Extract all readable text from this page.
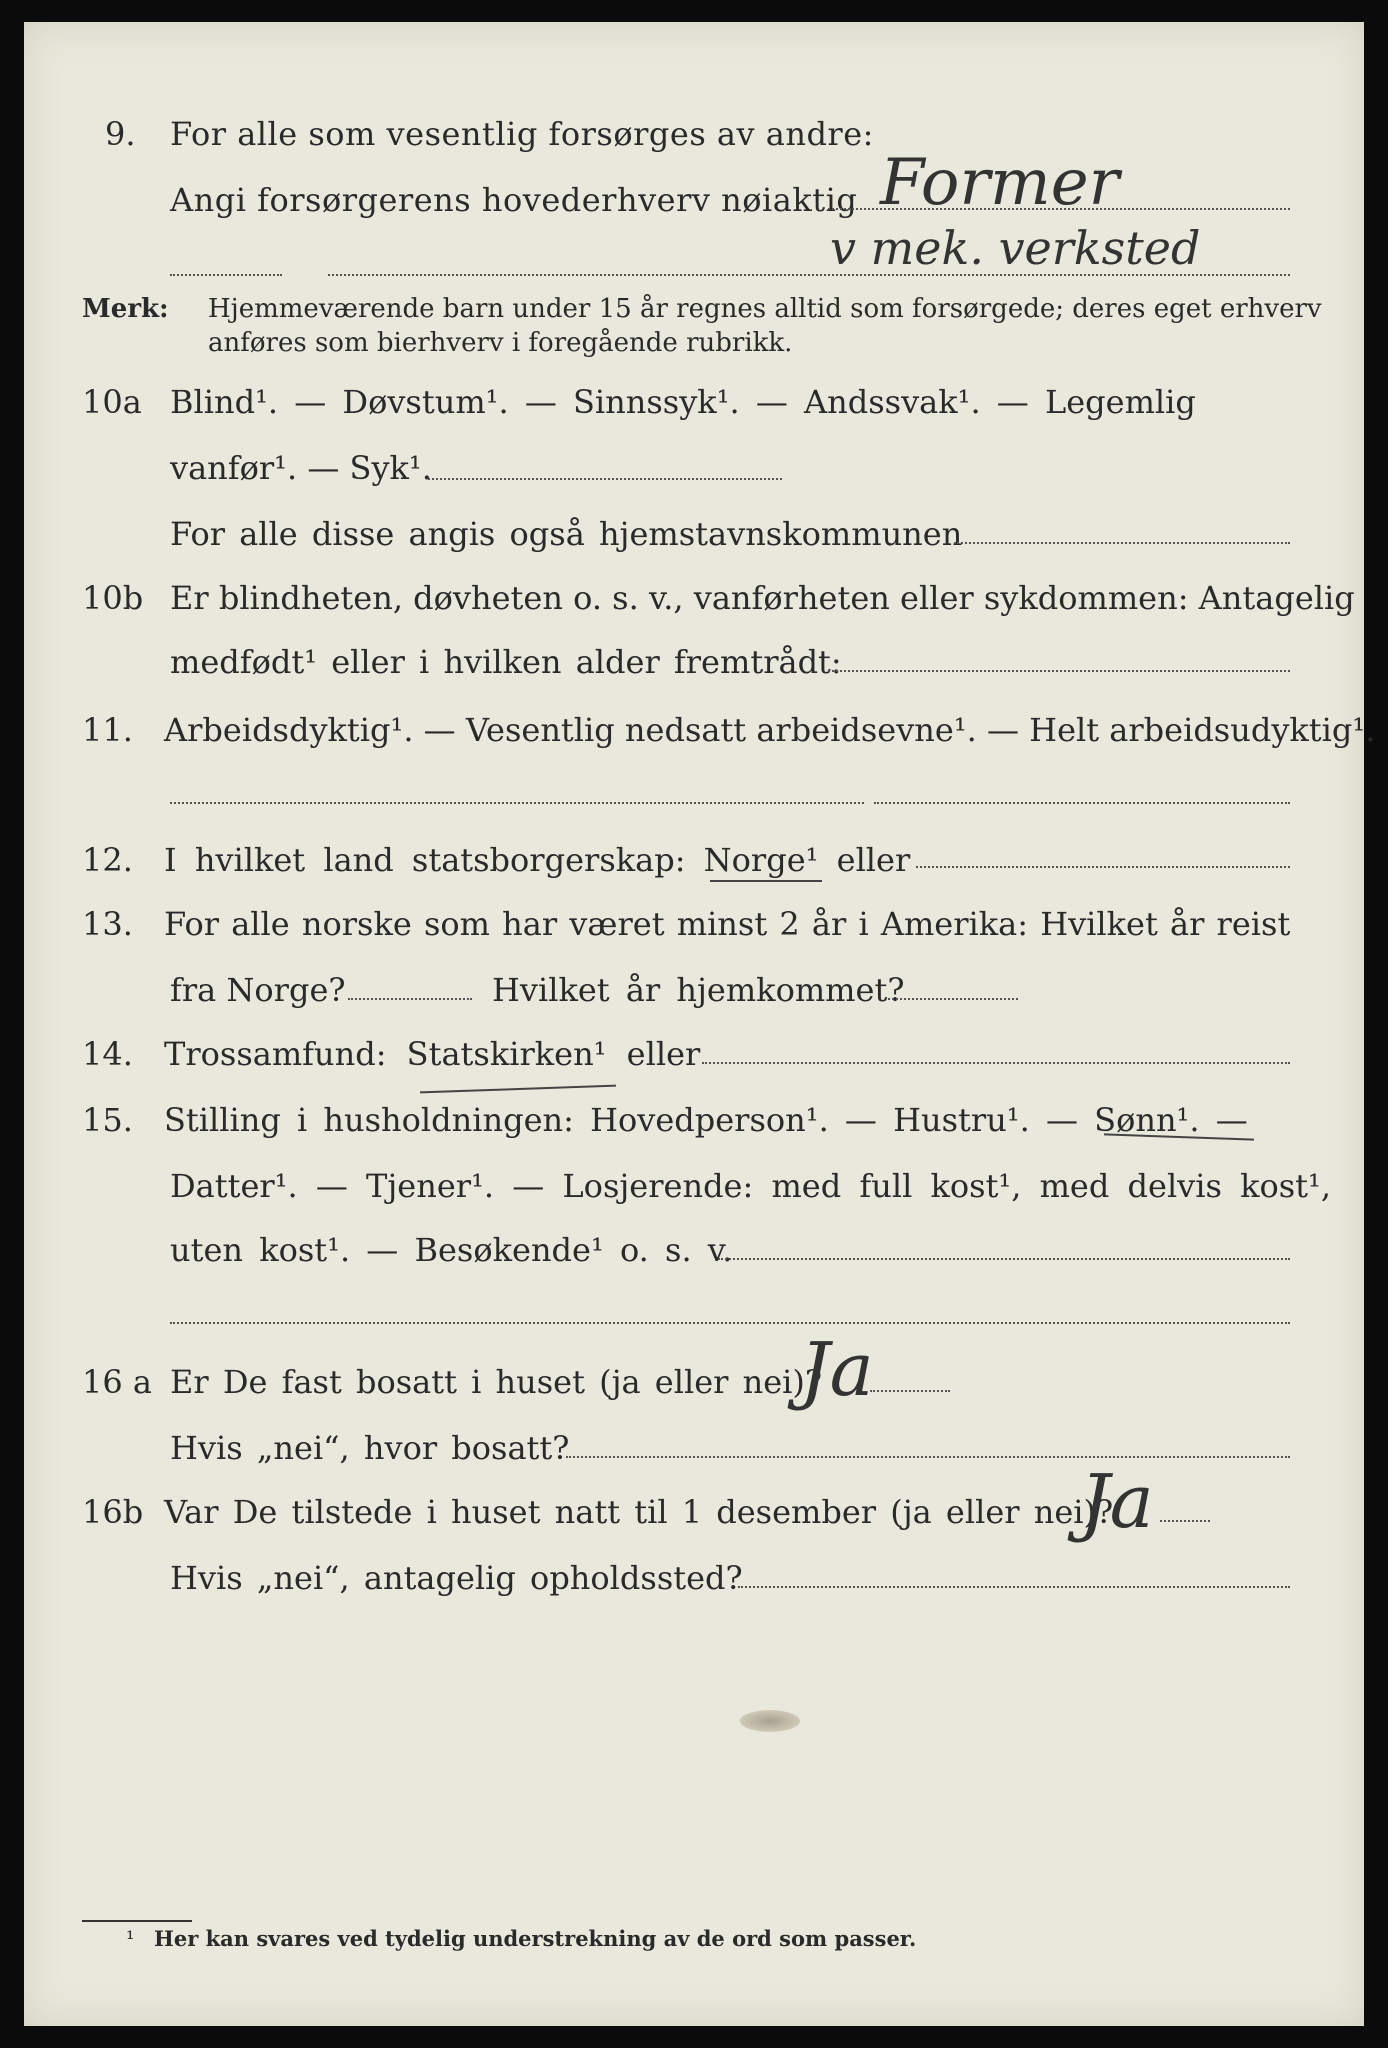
9. For alle som vesentlig forsørges av andre:
Angi forsørgerens hovederhverv nøiaktig Former
v mek. verksted
Merk: Hjemmeværende barn under 15 år regnes alltid som forsørgede; deres eget erhverv
anføres som bierhverv i foregående rubrikk.
10a Blind¹. — Døvstum¹. — Sinnssyk¹. — Andssvak¹. — Legemlig
vanfør¹. — Syk¹.
For alle disse angis også hjemstavnskommunen
10b Er blindheten, døvheten o. s. v., vanførheten eller sykdommen: Antagelig
medfødt¹ eller i hvilken alder fremtrådt:
11. Arbeidsdyktig¹. — Vesentlig nedsatt arbeidsevne¹. — Helt arbeidsudyktig¹.
12. I hvilket land statsborgerskap: Norge¹ eller
13. For alle norske som har været minst 2 år i Amerika: Hvilket år reist
fra Norge?	Hvilket år hjemkommet?
14. Trossamfund: Statskirken¹ eller
15. Stilling i husholdningen: Hovedperson¹. — Hustru¹. — Sønn¹. —
Datter¹. — Tjener¹. — Losjerende: med full kost¹, med delvis kost¹,
uten kost¹. — Besøkende¹ o. s. v.
16 a Er De fast bosatt i huset (ja eller nei)?
Ja
Hvis „nei“, hvor bosatt?
16b Var De tilstede i huset natt til 1 desember (ja eller nei)?
Ja
Hvis „nei“, antagelig opholdssted?
¹ Her kan svares ved tydelig understrekning av de ord som passer.
